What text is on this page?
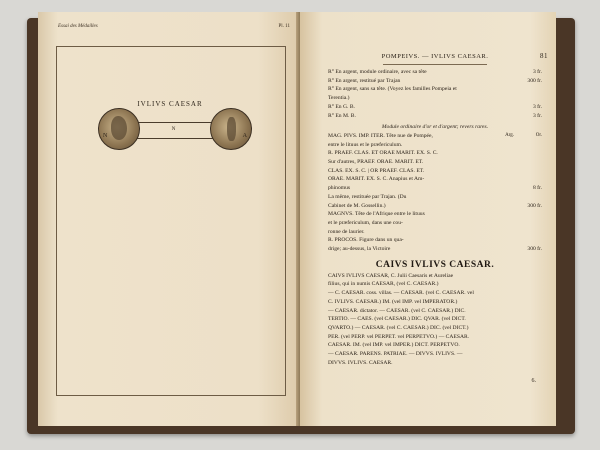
Essai des Médailles	Pl. 11
IVLIVS CAESAR
N
N	A
POMPEIVS. — IVLIVS CAESAR.	81
R° En argent, module ordinaire, avec sa tête	3 fr.
R° En argent, restitué par Trajan	300 fr.
R° En argent, sans sa tête. (Voyez les familles Pompeia et
Terentia.)
R° En G. B.	3 fr.
R° En M. B.	3 fr.
Module ordinaire d'or et d'argent; revers rares.
Arg.	Or.
MAG. PIVS. IMP. ITER. Tête nue de Pompée,
entre le lituus et le præfericulum.
R. PRAEF. CLAS. ET ORAE MARIT. EX. S. C.
Sur d'autres, PRAEF. ORAE. MARIT. ET.
CLAS. EX. S. C. | OR PRAEF. CLAS. ET.
ORAE. MARIT. EX. S. C. Anapius et Am-
phinomus	8 fr.
La même, restituée par Trajan. (Du
Cabinet de M. Gossellin.)	300 fr.
MAGNVS. Tête de l'Afrique entre le lituus
et le præfericulum, dans une cou-
ronne de laurier.
R. PROCOS. Figure dans un qua-
drige; au-dessus, la Victoire	300 fr.
CAIVS IVLIVS CAESAR.
CAIVS IVLIVS CAESAR, C. Julii Caesaris et Aureliae
filius, qui in numis CAESAR, (vel C. CAESAR.)
— C. CAESAR. coss. villas. — CAESAR. (vel C. CAESAR. vel
C. IVLIVS. CAESAR.) IM. (vel IMP. vel IMPERATOR.)
— CAESAR. dictator. — CAESAR. (vel C. CAESAR.) DIC.
TERTIO. — CAES. (vel CAESAR.) DIC. QVAR. (vel DICT.
QVARTO.) — CAESAR. (vel C. CAESAR.) DIC. (vel DICT.)
PER. (vel PERP. vel PERPET. vel PERPETVO.) — CAESAR.
CAESAR. IM. (vel IMP. vel IMPER.) DICT. PERPETVO.
— CAESAR. PARENS. PATRIAE. — DIVVS. IVLIVS. —
DIVVS. IVLIVS. CAESAR.
6.
